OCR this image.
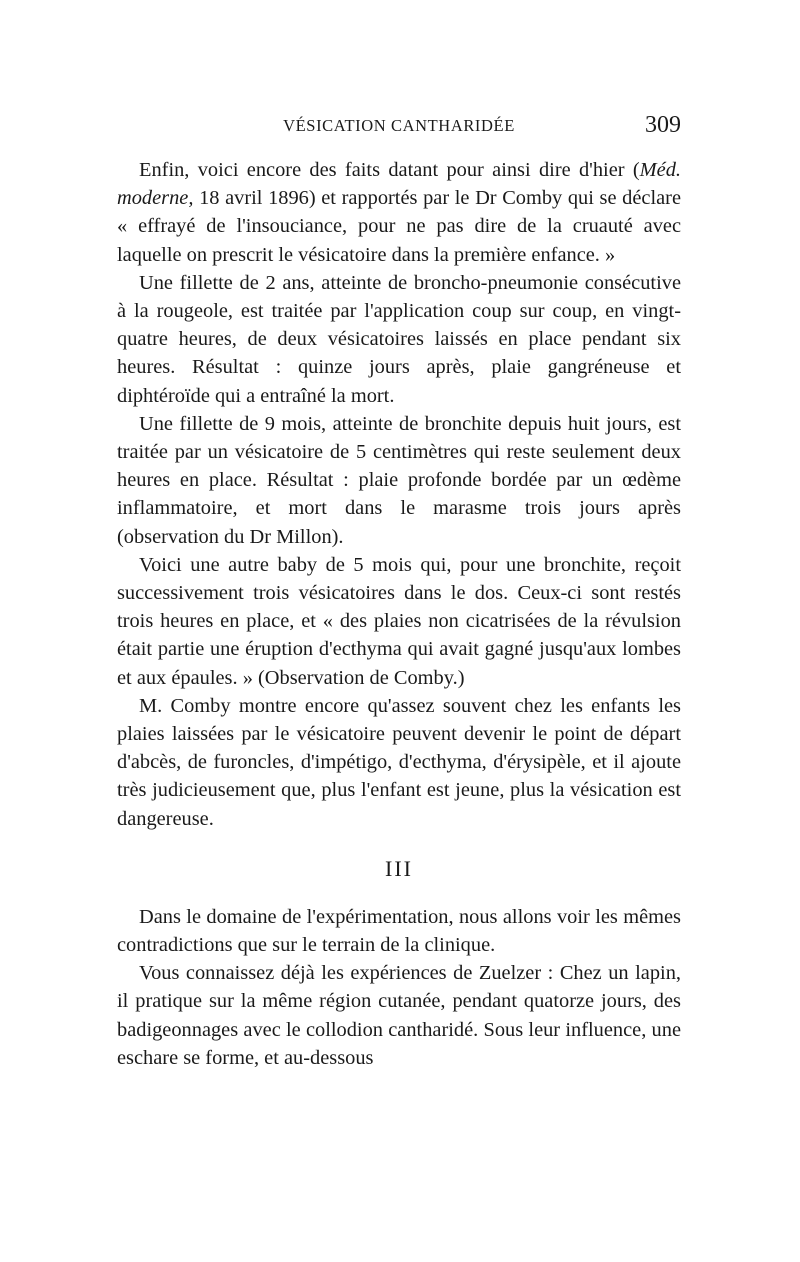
VÉSICATION CANTHARIDÉE	309

Enfin, voici encore des faits datant pour ainsi dire d'hier (Méd. moderne, 18 avril 1896) et rapportés par le Dr Comby qui se déclare « effrayé de l'insouciance, pour ne pas dire de la cruauté avec laquelle on prescrit le vésicatoire dans la première enfance. »

Une fillette de 2 ans, atteinte de broncho-pneumonie consécutive à la rougeole, est traitée par l'application coup sur coup, en vingt-quatre heures, de deux vésicatoires laissés en place pendant six heures. Résultat : quinze jours après, plaie gangréneuse et diphtéroïde qui a entraîné la mort.

Une fillette de 9 mois, atteinte de bronchite depuis huit jours, est traitée par un vésicatoire de 5 centimètres qui reste seulement deux heures en place. Résultat : plaie profonde bordée par un œdème inflammatoire, et mort dans le marasme trois jours après (observation du Dr Millon).

Voici une autre baby de 5 mois qui, pour une bronchite, reçoit successivement trois vésicatoires dans le dos. Ceux-ci sont restés trois heures en place, et « des plaies non cicatrisées de la révulsion était partie une éruption d'ecthyma qui avait gagné jusqu'aux lombes et aux épaules. » (Observation de Comby.)

M. Comby montre encore qu'assez souvent chez les enfants les plaies laissées par le vésicatoire peuvent devenir le point de départ d'abcès, de furoncles, d'impétigo, d'ecthyma, d'érysipèle, et il ajoute très judicieusement que, plus l'enfant est jeune, plus la vésication est dangereuse.

III

Dans le domaine de l'expérimentation, nous allons voir les mêmes contradictions que sur le terrain de la clinique.

Vous connaissez déjà les expériences de Zuelzer : Chez un lapin, il pratique sur la même région cutanée, pendant quatorze jours, des badigeonnages avec le collodion cantharidé. Sous leur influence, une eschare se forme, et au-dessous
